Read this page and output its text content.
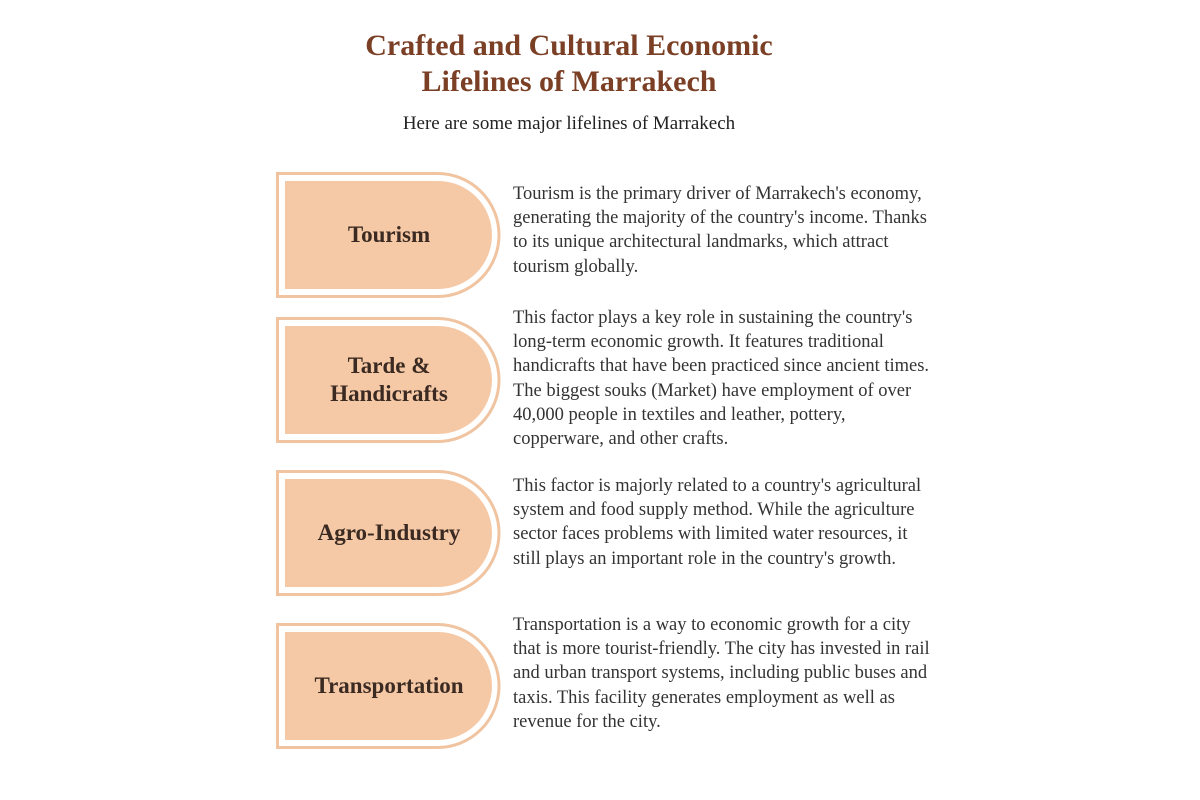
Crafted and Cultural Economic
Lifelines of Marrakech
Here are some major lifelines of Marrakech
Tourism
Tourism is the primary driver of Marrakech's economy, generating the majority of the country's income. Thanks to its unique architectural landmarks, which attract tourism globally.
Tarde &
Handicrafts
This factor plays a key role in sustaining the country's long-term economic growth. It features traditional handicrafts that have been practiced since ancient times. The biggest souks (Market) have employment of over 40,000 people in textiles and leather, pottery, copperware, and other crafts.
Agro-Industry
This factor is majorly related to a country's agricultural system and food supply method. While the agriculture sector faces problems with limited water resources, it still plays an important role in the country's growth.
Transportation
Transportation is a way to economic growth for a city that is more tourist-friendly. The city has invested in rail and urban transport systems, including public buses and taxis. This facility generates employment as well as revenue for the city.
